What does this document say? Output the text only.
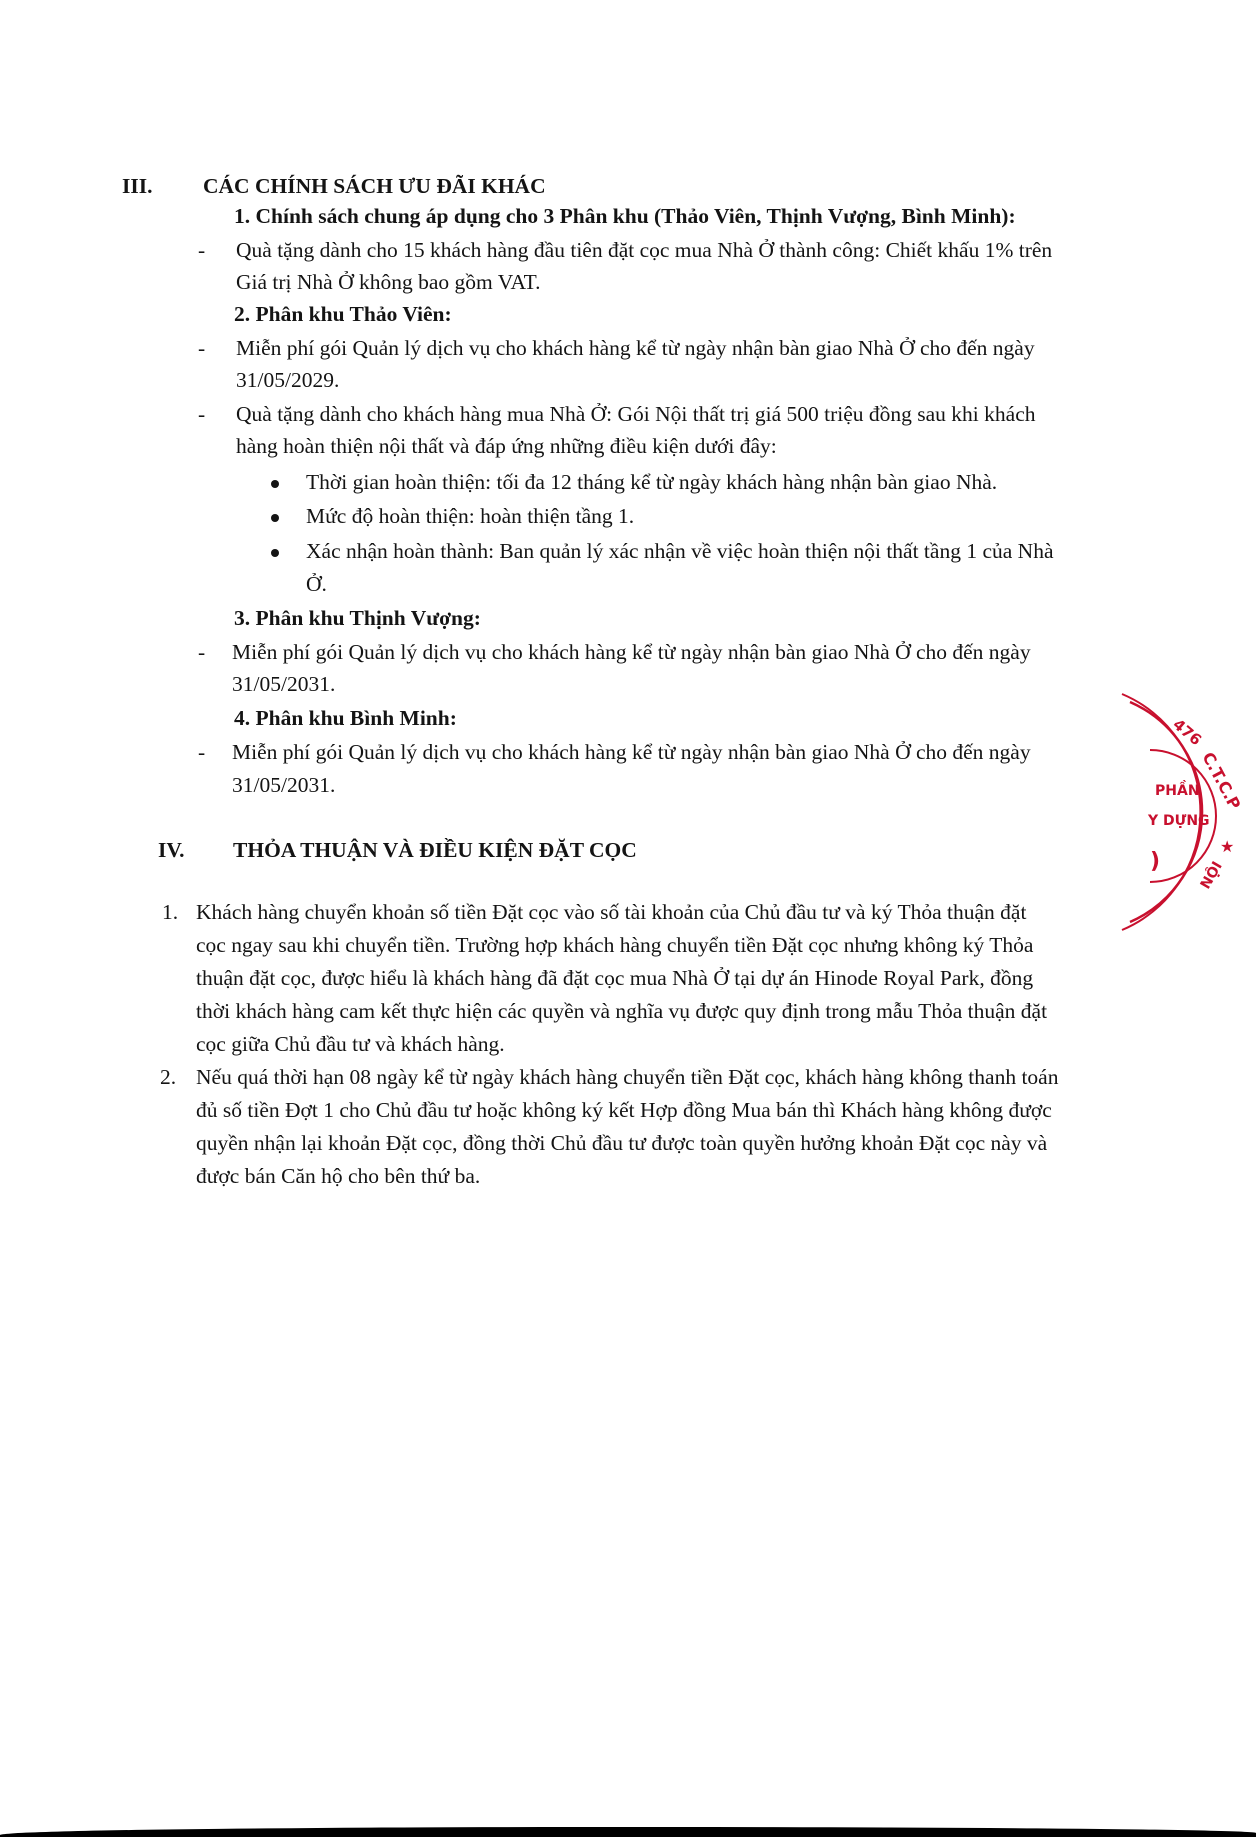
III. CÁC CHÍNH SÁCH ƯU ĐÃI KHÁC
1. Chính sách chung áp dụng cho 3 Phân khu (Thảo Viên, Thịnh Vượng, Bình Minh):
- Quà tặng dành cho 15 khách hàng đầu tiên đặt cọc mua Nhà Ở thành công: Chiết khấu 1% trên
Giá trị Nhà Ở không bao gồm VAT.
2. Phân khu Thảo Viên:
- Miễn phí gói Quản lý dịch vụ cho khách hàng kể từ ngày nhận bàn giao Nhà Ở cho đến ngày
31/05/2029.
- Quà tặng dành cho khách hàng mua Nhà Ở: Gói Nội thất trị giá 500 triệu đồng sau khi khách
hàng hoàn thiện nội thất và đáp ứng những điều kiện dưới đây:
Thời gian hoàn thiện: tối đa 12 tháng kể từ ngày khách hàng nhận bàn giao Nhà.
Mức độ hoàn thiện: hoàn thiện tầng 1.
Xác nhận hoàn thành: Ban quản lý xác nhận về việc hoàn thiện nội thất tầng 1 của Nhà
Ở.
3. Phân khu Thịnh Vượng:
- Miễn phí gói Quản lý dịch vụ cho khách hàng kể từ ngày nhận bàn giao Nhà Ở cho đến ngày
31/05/2031.
4. Phân khu Bình Minh:
- Miễn phí gói Quản lý dịch vụ cho khách hàng kể từ ngày nhận bàn giao Nhà Ở cho đến ngày
31/05/2031.
IV. THỎA THUẬN VÀ ĐIỀU KIỆN ĐẶT CỌC
1. Khách hàng chuyển khoản số tiền Đặt cọc vào số tài khoản của Chủ đầu tư và ký Thỏa thuận đặt
cọc ngay sau khi chuyển tiền. Trường hợp khách hàng chuyển tiền Đặt cọc nhưng không ký Thỏa
thuận đặt cọc, được hiểu là khách hàng đã đặt cọc mua Nhà Ở tại dự án Hinode Royal Park, đồng
thời khách hàng cam kết thực hiện các quyền và nghĩa vụ được quy định trong mẫu Thỏa thuận đặt
cọc giữa Chủ đầu tư và khách hàng.
2. Nếu quá thời hạn 08 ngày kể từ ngày khách hàng chuyển tiền Đặt cọc, khách hàng không thanh toán
đủ số tiền Đợt 1 cho Chủ đầu tư hoặc không ký kết Hợp đồng Mua bán thì Khách hàng không được
quyền nhận lại khoản Đặt cọc, đồng thời Chủ đầu tư được toàn quyền hưởng khoản Đặt cọc này và
được bán Căn hộ cho bên thứ ba.
476
C.T.C.P
★
NỘI
PHẦN
Y DỰNG
)
